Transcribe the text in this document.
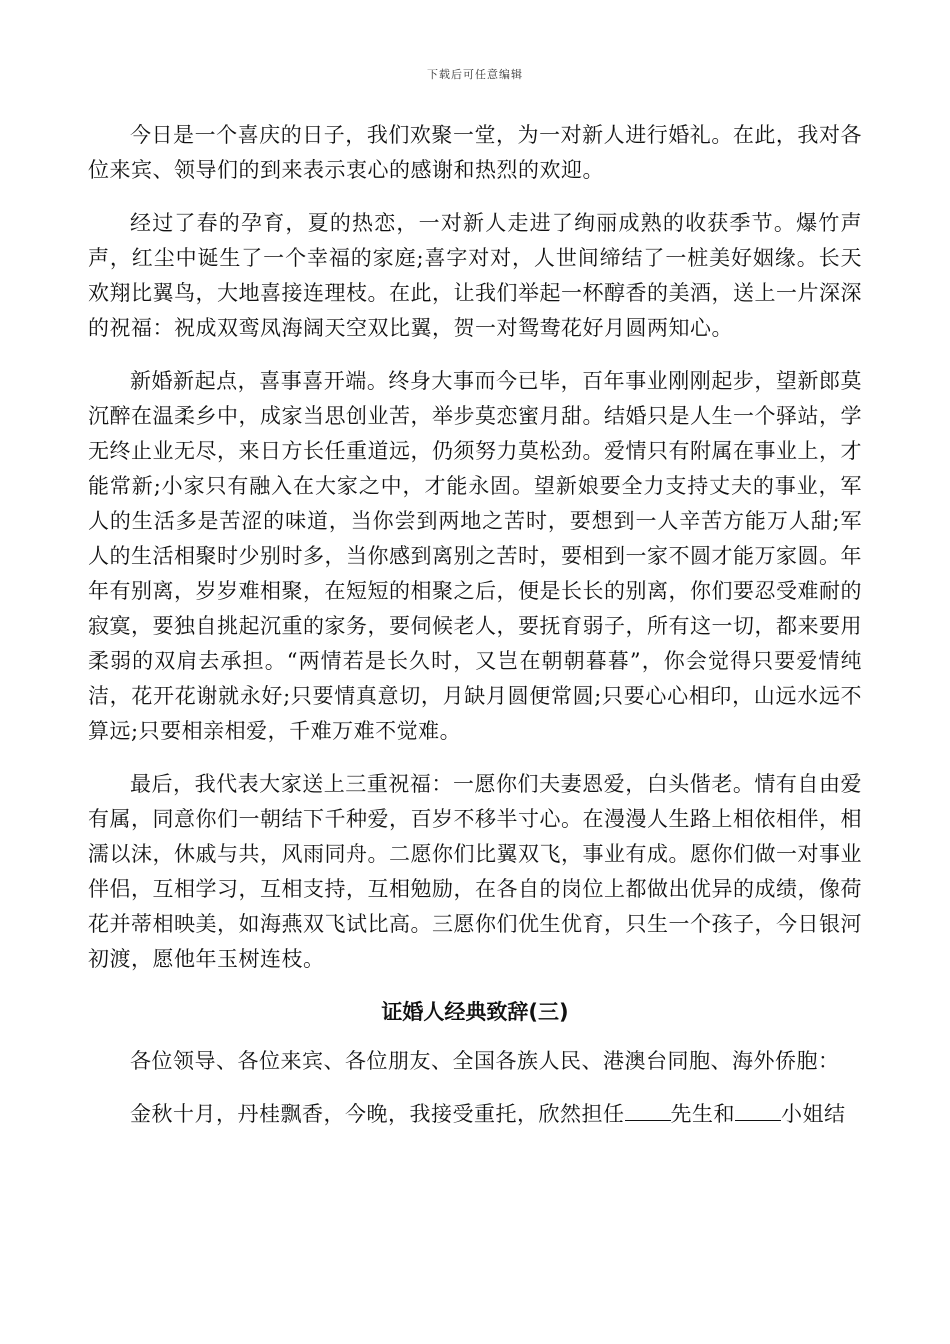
下载后可任意编辑

今日是一个喜庆的日子，我们欢聚一堂，为一对新人进行婚礼。在此，我对各位来宾、领导们的到来表示衷心的感谢和热烈的欢迎。

经过了春的孕育，夏的热恋，一对新人走进了绚丽成熟的收获季节。爆竹声声，红尘中诞生了一个幸福的家庭;喜字对对，人世间缔结了一桩美好姻缘。长天欢翔比翼鸟，大地喜接连理枝。在此，让我们举起一杯醇香的美酒，送上一片深深的祝福：祝成双鸾凤海阔天空双比翼，贺一对鸳鸯花好月圆两知心。

新婚新起点，喜事喜开端。终身大事而今已毕，百年事业刚刚起步，望新郎莫沉醉在温柔乡中，成家当思创业苦，举步莫恋蜜月甜。结婚只是人生一个驿站，学无终止业无尽，来日方长任重道远，仍须努力莫松劲。爱情只有附属在事业上，才能常新;小家只有融入在大家之中，才能永固。望新娘要全力支持丈夫的事业，军人的生活多是苦涩的味道，当你尝到两地之苦时，要想到一人辛苦方能万人甜;军人的生活相聚时少别时多，当你感到离别之苦时，要相到一家不圆才能万家圆。年年有别离，岁岁难相聚，在短短的相聚之后，便是长长的别离，你们要忍受难耐的寂寞，要独自挑起沉重的家务，要伺候老人，要抚育弱子，所有这一切，都来要用柔弱的双肩去承担。“两情若是长久时，又岂在朝朝暮暮”，你会觉得只要爱情纯洁，花开花谢就永好;只要情真意切，月缺月圆便常圆;只要心心相印，山远水远不算远;只要相亲相爱，千难万难不觉难。

最后，我代表大家送上三重祝福：一愿你们夫妻恩爱，白头偕老。情有自由爱有属，同意你们一朝结下千种爱，百岁不移半寸心。在漫漫人生路上相依相伴，相濡以沫，休戚与共，风雨同舟。二愿你们比翼双飞，事业有成。愿你们做一对事业伴侣，互相学习，互相支持，互相勉励，在各自的岗位上都做出优异的成绩，像荷花并蒂相映美，如海燕双飞试比高。三愿你们优生优育，只生一个孩子，今日银河初渡，愿他年玉树连枝。

证婚人经典致辞(三)

各位领导、各位来宾、各位朋友、全国各族人民、港澳台同胞、海外侨胞：

金秋十月，丹桂飘香，今晚，我接受重托，欣然担任 先生和 小姐结
